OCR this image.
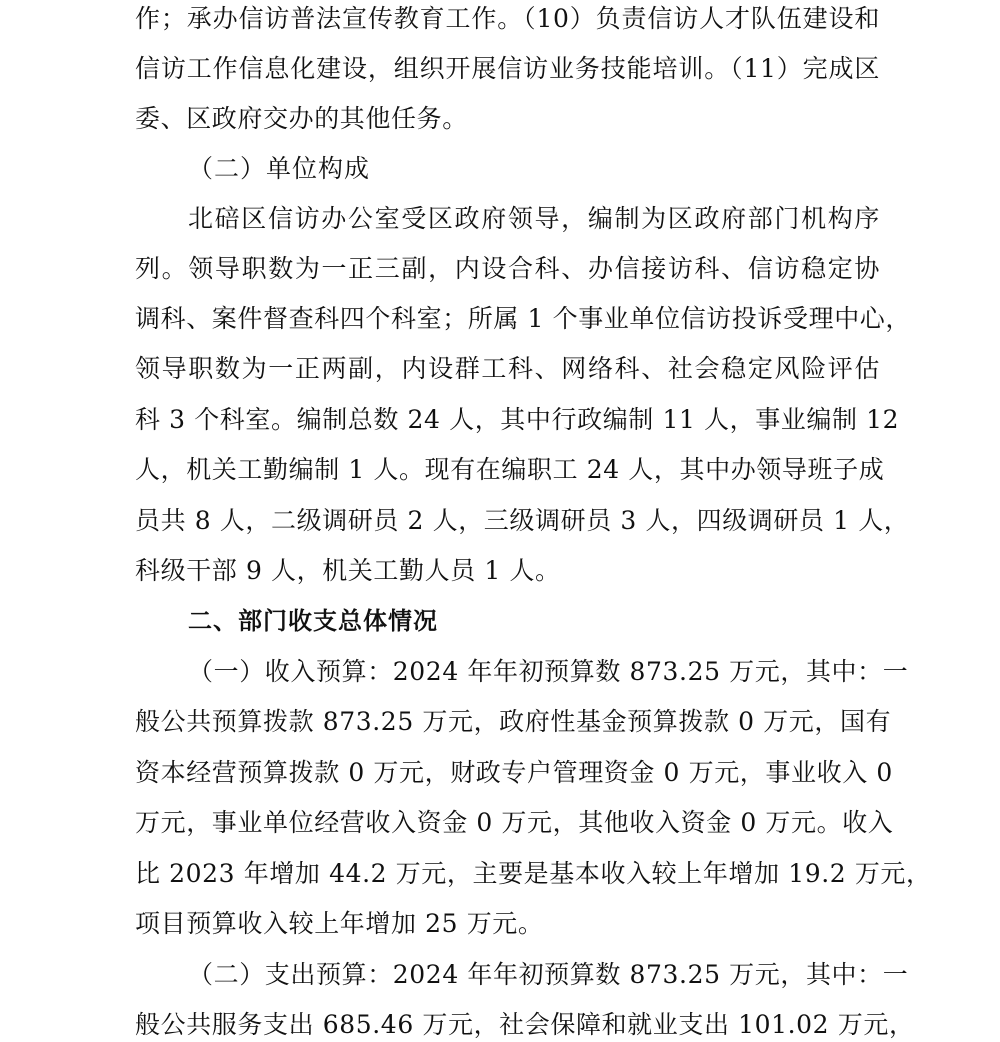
作；承办信访普法宣传教育工作。（10）负责信访人才队伍建设和
信访工作信息化建设，组织开展信访业务技能培训。（11）完成区
委、区政府交办的其他任务。
（二）单位构成
北碚区信访办公室受区政府领导，编制为区政府部门机构序
列。领导职数为一正三副，内设合科、办信接访科、信访稳定协
调科、案件督查科四个科室；所属 1 个事业单位信访投诉受理中心，
领导职数为一正两副，内设群工科、网络科、社会稳定风险评估
科 3 个科室。编制总数 24 人，其中行政编制 11 人，事业编制 12
人，机关工勤编制 1 人。现有在编职工 24 人，其中办领导班子成
员共 8 人，二级调研员 2 人，三级调研员 3 人，四级调研员 1 人，
科级干部 9 人，机关工勤人员 1 人。
二、部门收支总体情况
（一）收入预算：2024 年年初预算数 873.25 万元，其中：一
般公共预算拨款 873.25 万元，政府性基金预算拨款 0 万元，国有
资本经营预算拨款 0 万元，财政专户管理资金 0 万元，事业收入 0
万元，事业单位经营收入资金 0 万元，其他收入资金 0 万元。收入
比 2023 年增加 44.2 万元，主要是基本收入较上年增加 19.2 万元，
项目预算收入较上年增加 25 万元。
（二）支出预算：2024 年年初预算数 873.25 万元，其中：一
般公共服务支出 685.46 万元，社会保障和就业支出 101.02 万元，
